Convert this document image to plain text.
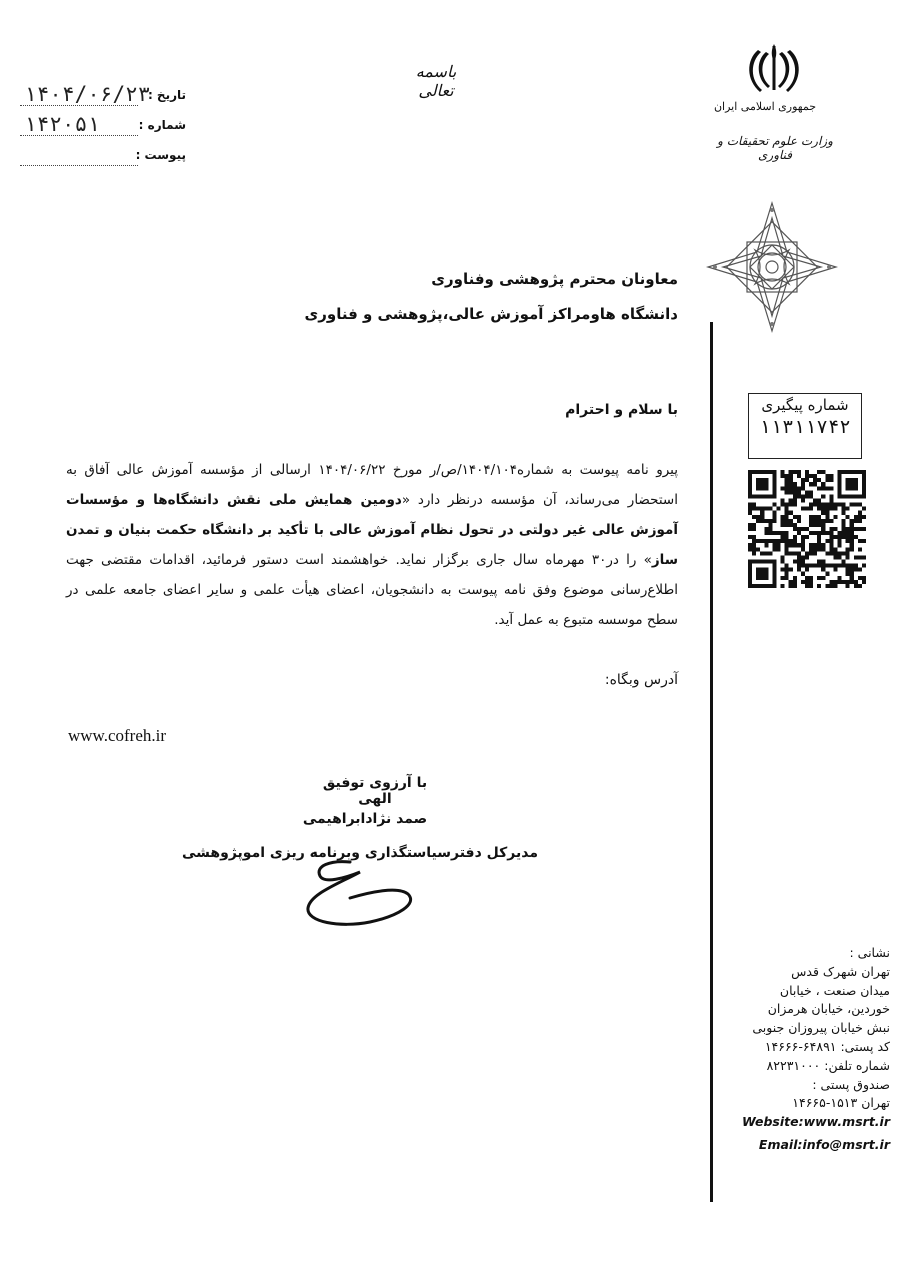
باسمه تعالی
۱۴۰۴/۰۶/۲۳
تاریخ :
۱۴۲۰۵۱	شماره :
پیوست :
جمهوری اسلامی ایران
وزارت علوم تحقیقات و فناوری
معاونان محترم پژوهشی وفناوری
دانشگاه هاومراکز آموزش عالی،پژوهشی و فناوری
شماره پیگیری
۱۱۳۱۱۷۴۲
با سلام و احترام
پیرو نامه پیوست به شماره۱۴۰۴/۱۰۴/ص/ر مورخ ۱۴۰۴/۰۶/۲۲ ارسالی از مؤسسه آموزش عالی آفاق به استحضار می‌رساند، آن مؤسسه درنظر دارد «دومین همایش ملی نقش دانشگاه‌ها و مؤسسات آموزش عالی غیر دولتی در تحول نظام آموزش عالی با تأکید بر دانشگاه حکمت بنیان و تمدن ساز» را در۳۰ مهرماه سال جاری برگزار نماید. خواهشمند است دستور فرمائید، اقدامات مقتضی جهت اطلاع‌رسانی موضوع وفق نامه پیوست به دانشجویان، اعضای هیأت علمی و سایر اعضای جامعه علمی در سطح موسسه متبوع به عمل آید.
آدرس وبگاه:
www.cofreh.ir
با آرزوی توفیق الهی
صمد نژادابراهیمی
مدیرکل دفترسیاستگذاری وبرنامه ریزی اموپژوهشی
نشانی :
تهران شهرک قدس
میدان صنعت ، خیابان
خوردین، خیابان هرمزان
نبش خیابان پیروزان جنوبی
کد پستی: ۶۴۸۹۱-۱۴۶۶۶
شماره تلفن: ۸۲۲۳۱۰۰۰
صندوق پستی :
تهران ۱۵۱۳-۱۴۶۶۵
Website:www.msrt.ir
Email:info@msrt.ir
